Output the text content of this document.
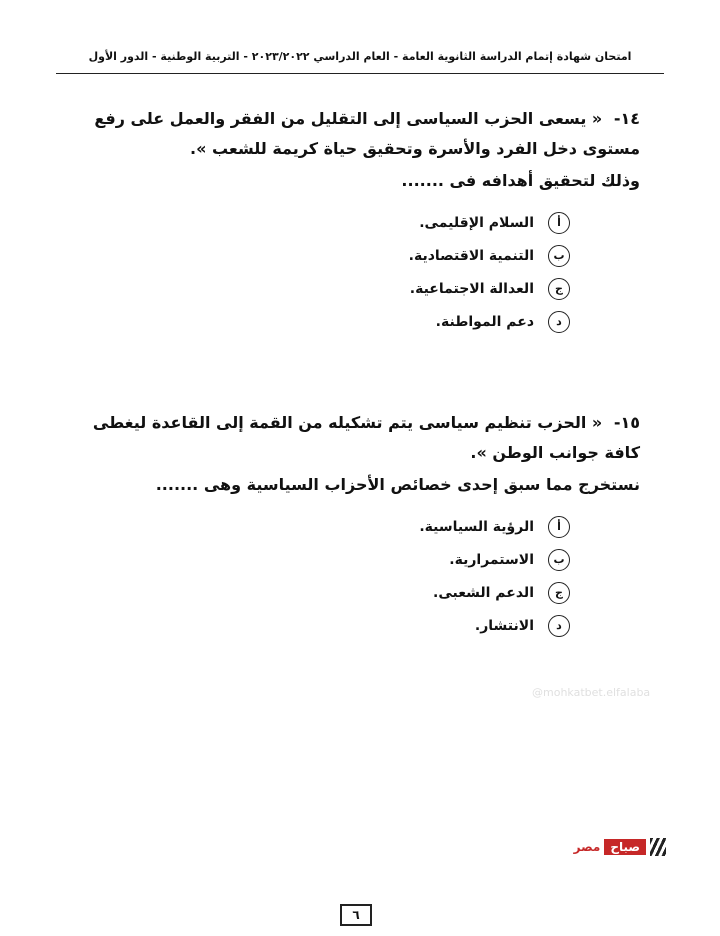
امتحان شهادة إتمام الدراسة الثانوية العامة - العام الدراسي ٢٠٢٣/٢٠٢٢ - التربية الوطنية - الدور الأول
١٤- « يسعى الحزب السياسى إلى التقليل من الفقر والعمل على رفع مستوى دخل الفرد والأسرة وتحقيق حياة كريمة للشعب ».
وذلك لتحقيق أهدافه فى .......
أ
السلام الإقليمى.
ب
التنمية الاقتصادية.
ج
العدالة الاجتماعية.
د
دعم المواطنة.
١٥- « الحزب تنظيم سياسى يتم تشكيله من القمة إلى القاعدة ليغطى كافة جوانب الوطن ».
نستخرج مما سبق إحدى خصائص الأحزاب السياسية وهى .......
أ
الرؤية السياسية.
ب
الاستمرارية.
ج
الدعم الشعبى.
د
الانتشار.
@mohkatbet.elfalaba
صباح
مصر
٦
